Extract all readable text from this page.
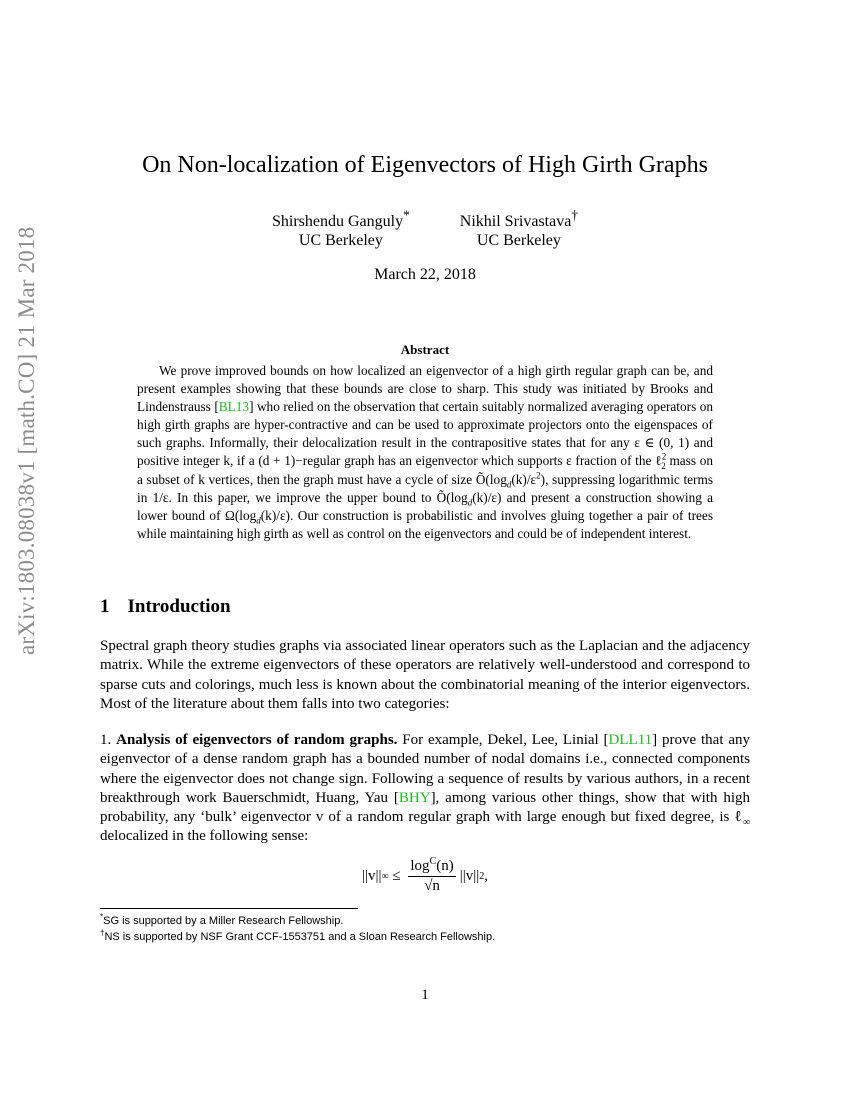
arXiv:1803.08038v1 [math.CO] 21 Mar 2018
On Non-localization of Eigenvectors of High Girth Graphs
Shirshendu Ganguly*
UC Berkeley
Nikhil Srivastava†
UC Berkeley
March 22, 2018
Abstract
We prove improved bounds on how localized an eigenvector of a high girth regular graph can be, and present examples showing that these bounds are close to sharp. This study was initiated by Brooks and Lindenstrauss [BL13] who relied on the observation that certain suitably normalized averaging operators on high girth graphs are hyper-contractive and can be used to approximate projectors onto the eigenspaces of such graphs. Informally, their delocalization result in the contrapositive states that for any ε ∈ (0, 1) and positive integer k, if a (d + 1)−regular graph has an eigenvector which supports ε fraction of the ℓ$^2_2$ mass on a subset of k vertices, then the graph must have a cycle of size $Õ(\log_d(k)/\varepsilon^2)$, suppressing logarithmic terms in 1/ε. In this paper, we improve the upper bound to $Õ(\log_d(k)/\varepsilon)$ and present a construction showing a lower bound of $\Omega(\log_d(k)/\varepsilon)$. Our construction is probabilistic and involves gluing together a pair of trees while maintaining high girth as well as control on the eigenvectors and could be of independent interest.
1 Introduction
Spectral graph theory studies graphs via associated linear operators such as the Laplacian and the adjacency matrix. While the extreme eigenvectors of these operators are relatively well-understood and correspond to sparse cuts and colorings, much less is known about the combinatorial meaning of the interior eigenvectors. Most of the literature about them falls into two categories:
1. Analysis of eigenvectors of random graphs. For example, Dekel, Lee, Linial [DLL11] prove that any eigenvector of a dense random graph has a bounded number of nodal domains i.e., connected components where the eigenvector does not change sign. Following a sequence of results by various authors, in a recent breakthrough work Bauerschmidt, Huang, Yau [BHY], among various other things, show that with high probability, any ‘bulk’ eigenvector v of a random regular graph with large enough but fixed degree, is ℓ$_\infty$ delocalized in the following sense:
||v|| ∞ ≤ $\frac{\log^C(n)}{√n} ||v||$ 2 ,
*SG is supported by a Miller Research Fellowship.
†NS is supported by NSF Grant CCF-1553751 and a Sloan Research Fellowship.
1
